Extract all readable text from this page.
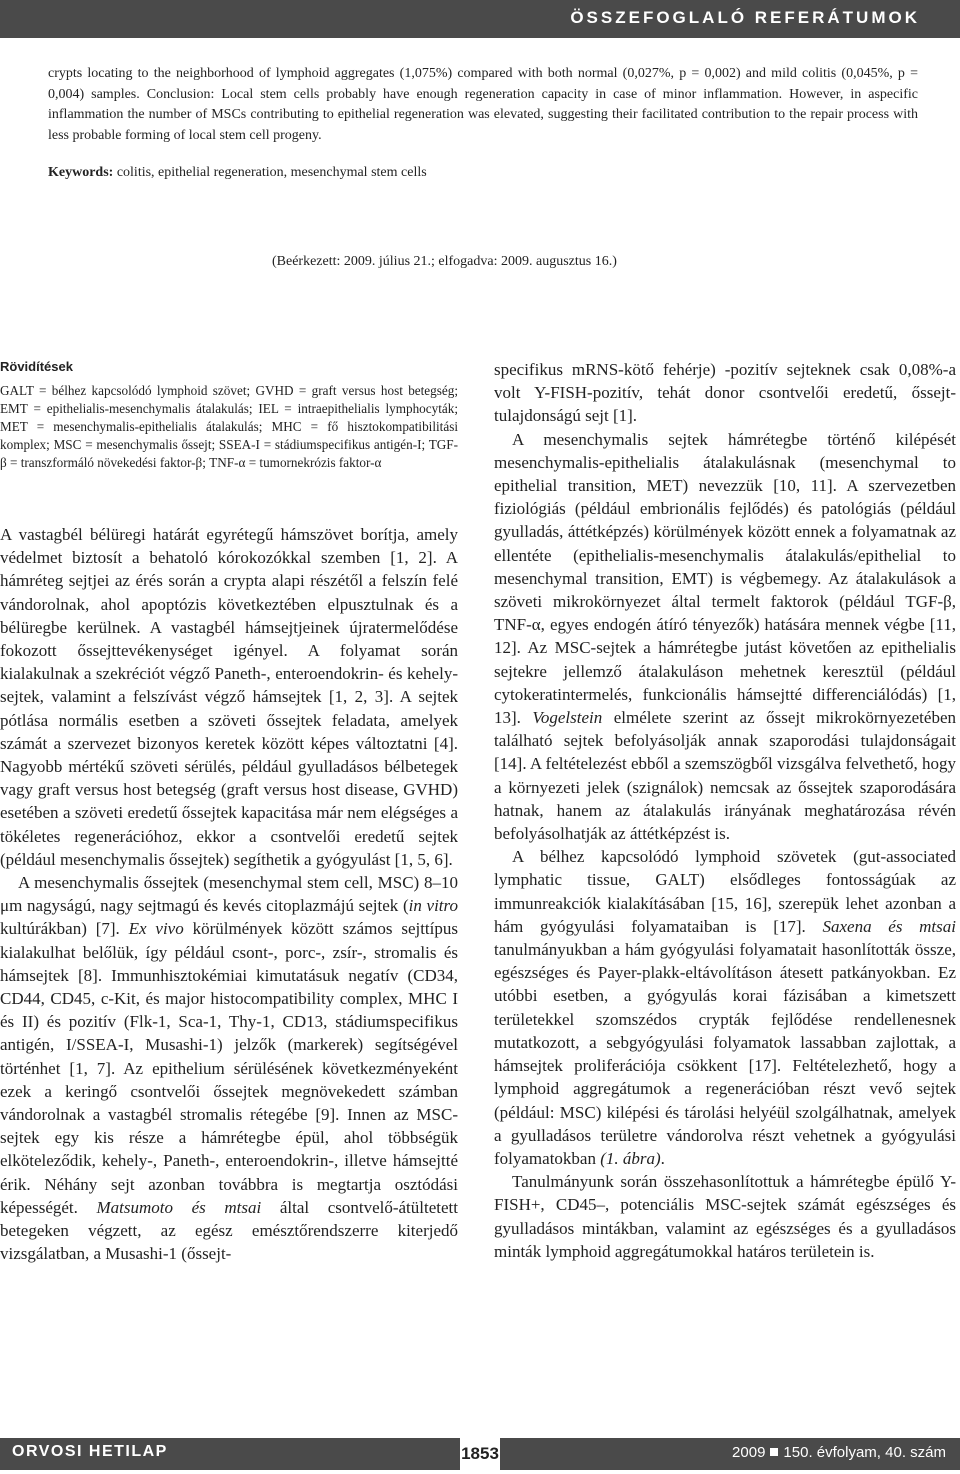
ÖSSZEFOGLALÓ REFERÁTUMOK

crypts locating to the neighborhood of lymphoid aggregates (1,075%) compared with both normal (0,027%, p = 0,002) and mild colitis (0,045%, p = 0,004) samples. Conclusion: Local stem cells probably have enough regeneration capacity in case of minor inflammation. However, in aspecific inflammation the number of MSCs contributing to epithelial regeneration was elevated, suggesting their facilitated contribution to the repair process with less probable forming of local stem cell progeny.

Keywords: colitis, epithelial regeneration, mesenchymal stem cells
(Beérkezett: 2009. július 21.; elfogadva: 2009. augusztus 16.)
Rövidítések
GALT = bélhez kapcsolódó lymphoid szövet; GVHD = graft versus host betegség; EMT = epithelialis-mesenchymalis átalakulás; IEL = intraepithelialis lymphocyták; MET = mesenchymalis-epithelialis átalakulás; MHC = fő hisztokompatibilitási komplex; MSC = mesenchymalis őssejt; SSEA-I = stádiumspecifikus antigén-I; TGF-β = transzformáló növekedési faktor-β; TNF-α = tumornekrózis faktor-α

A vastagbél bélüregi határát egyrétegű hámszövet borítja, amely védelmet biztosít a behatoló kórokozókkal szemben [1, 2]. A hámréteg sejtjei az érés során a crypta alapi részétől a felszín felé vándorolnak, ahol apoptózis következtében elpusztulnak és a bélüregbe kerülnek. A vastagbél hámsejtjeinek újratermelődése fokozott őssejttevékenységet igényel. A folyamat során kialakulnak a szekréciót végző Paneth-, enteroendokrin- és kehelysejtek, valamint a felszívást végző hámsejtek [1, 2, 3]. A sejtek pótlása normális esetben a szöveti őssejtek feladata, amelyek számát a szervezet bizonyos keretek között képes változtatni [4]. Nagyobb mértékű szöveti sérülés, például gyulladásos bélbetegek vagy graft versus host betegség (graft versus host disease, GVHD) esetében a szöveti eredetű őssejtek kapacitása már nem elégséges a tökéletes regenerációhoz, ekkor a csontvelői eredetű sejtek (például mesenchymalis őssejtek) segíthetik a gyógyulást [1, 5, 6].

A mesenchymalis őssejtek (mesenchymal stem cell, MSC) 8–10 μm nagyságú, nagy sejtmagú és kevés citoplazmájú sejtek (in vitro kultúrákban) [7]. Ex vivo körülmények között számos sejttípus kialakulhat belőlük, így például csont-, porc-, zsír-, stromalis és hámsejtek [8]. Immunhisztokémiai kimutatásuk negatív (CD34, CD44, CD45, c-Kit, és major histocompatibility complex, MHC I és II) és pozitív (Flk-1, Sca-1, Thy-1, CD13, stádiumspecifikus antigén, I/SSEA-I, Musashi-1) jelzők (markerek) segítségével történhet [1, 7]. Az epithelium sérülésének következményeként ezek a keringő csontvelői őssejtek megnövekedett számban vándorolnak a vastagbél stromalis rétegébe [9]. Innen az MSC-sejtek egy kis része a hámrétegbe épül, ahol többségük elköteleződik, kehely-, Paneth-, enteroendokrin-, illetve hámsejtté érik. Néhány sejt azonban továbbra is megtartja osztódási képességét. Matsumoto és mtsai által csontvelő-átültetett betegeken végzett, az egész emésztőrendszerre kiterjedő vizsgálatban, a Musashi-1 (őssejt-

specifikus mRNS-kötő fehérje) -pozitív sejteknek csak 0,08%-a volt Y-FISH-pozitív, tehát donor csontvelői eredetű, őssejt-tulajdonságú sejt [1].

A mesenchymalis sejtek hámrétegbe történő kilépését mesenchymalis-epithelialis átalakulásnak (mesenchymal to epithelial transition, MET) nevezzük [10, 11]. A szervezetben fiziológiás (például embrionális fejlődés) és patológiás (például gyulladás, áttétképzés) körülmények között ennek a folyamatnak az ellentéte (epithelialis-mesenchymalis átalakulás/epithelial to mesenchymal transition, EMT) is végbemegy. Az átalakulások a szöveti mikrokörnyezet által termelt faktorok (például TGF-β, TNF-α, egyes endogén átíró tényezők) hatására mennek végbe [11, 12]. Az MSC-sejtek a hámrétegbe jutást követően az epithelialis sejtekre jellemző átalakuláson mehetnek keresztül (például cytokeratintermelés, funkcionális hámsejtté differenciálódás) [1, 13]. Vogelstein elmélete szerint az őssejt mikrokörnyezetében található sejtek befolyásolják annak szaporodási tulajdonságait [14]. A feltételezést ebből a szemszögből vizsgálva felvethető, hogy a környezeti jelek (szignálok) nemcsak az őssejtek szaporodására hatnak, hanem az átalakulás irányának meghatározása révén befolyásolhatják az áttétképzést is.

A bélhez kapcsolódó lymphoid szövetek (gut-associated lymphatic tissue, GALT) elsődleges fontosságúak az immunreakciók kialakításában [15, 16], szerepük lehet azonban a hám gyógyulási folyamataiban is [17]. Saxena és mtsai tanulmányukban a hám gyógyulási folyamatait hasonlították össze, egészséges és Payer-plakk-eltávolításon átesett patkányokban. Ez utóbbi esetben, a gyógyulás korai fázisában a kimetszett területekkel szomszédos crypták fejlődése rendellenesnek mutatkozott, a sebgyógyulási folyamatok lassabban zajlottak, a hámsejtek proliferációja csökkent [17]. Feltételezhető, hogy a lymphoid aggregátumok a regenerációban részt vevő sejtek (például: MSC) kilépési és tárolási helyéül szolgálhatnak, amelyek a gyulladásos területre vándorolva részt vehetnek a gyógyulási folyamatokban (1. ábra).

Tanulmányunk során összehasonlítottuk a hámrétegbe épülő Y-FISH+, CD45–, potenciális MSC-sejtek számát egészséges és gyulladásos mintákban, valamint az egészséges és a gyulladásos minták lymphoid aggregátumokkal határos területein is.

ORVOSI HETILAP	1853	2009 150. évfolyam, 40. szám
